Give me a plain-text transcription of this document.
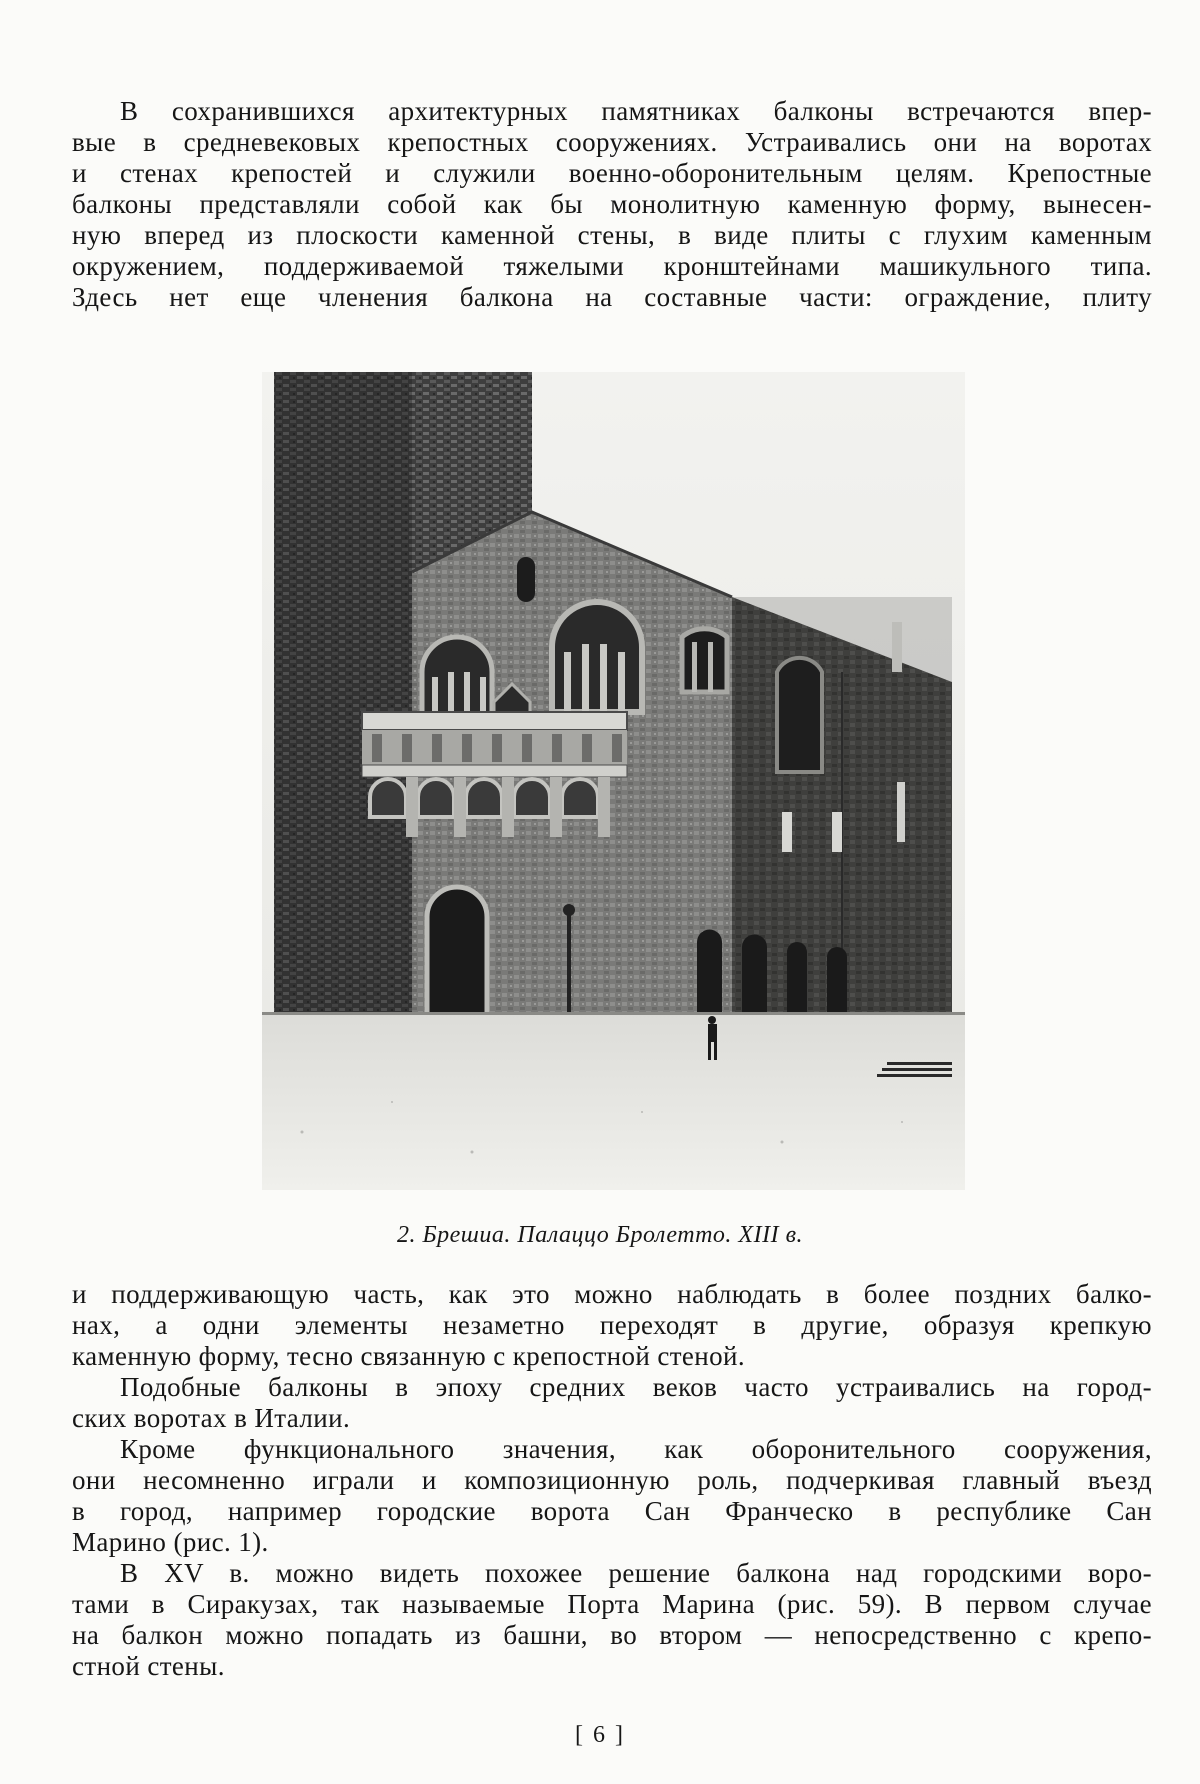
В сохранившихся архитектурных памятниках балконы встречаются впер-
вые в средневековых крепостных сооружениях. Устраивались они на воротах
и стенах крепостей и служили военно-оборонительным целям. Крепостные
балконы представляли собой как бы монолитную каменную форму, вынесен-
ную вперед из плоскости каменной стены, в виде плиты с глухим каменным
окружением, поддерживаемой тяжелыми кронштейнами машикульного типа.
Здесь нет еще членения балкона на составные части: ограждение, плиту
2. Брешиа. Палаццо Бролетто. XIII в.
и поддерживающую часть, как это можно наблюдать в более поздних балко-
нах, а одни элементы незаметно переходят в другие, образуя крепкую
каменную форму, тесно связанную с крепостной стеной.
Подобные балконы в эпоху средних веков часто устраивались на город-
ских воротах в Италии.
Кроме функционального значения, как оборонительного сооружения,
они несомненно играли и композиционную роль, подчеркивая главный въезд
в город, например городские ворота Сан Франческо в республике Сан
Марино (рис. 1).
В XV в. можно видеть похожее решение балкона над городскими воро-
тами в Сиракузах, так называемые Порта Марина (рис. 59). В первом случае
на балкон можно попадать из башни, во втором — непосредственно с крепо-
стной стены.
[ 6 ]
